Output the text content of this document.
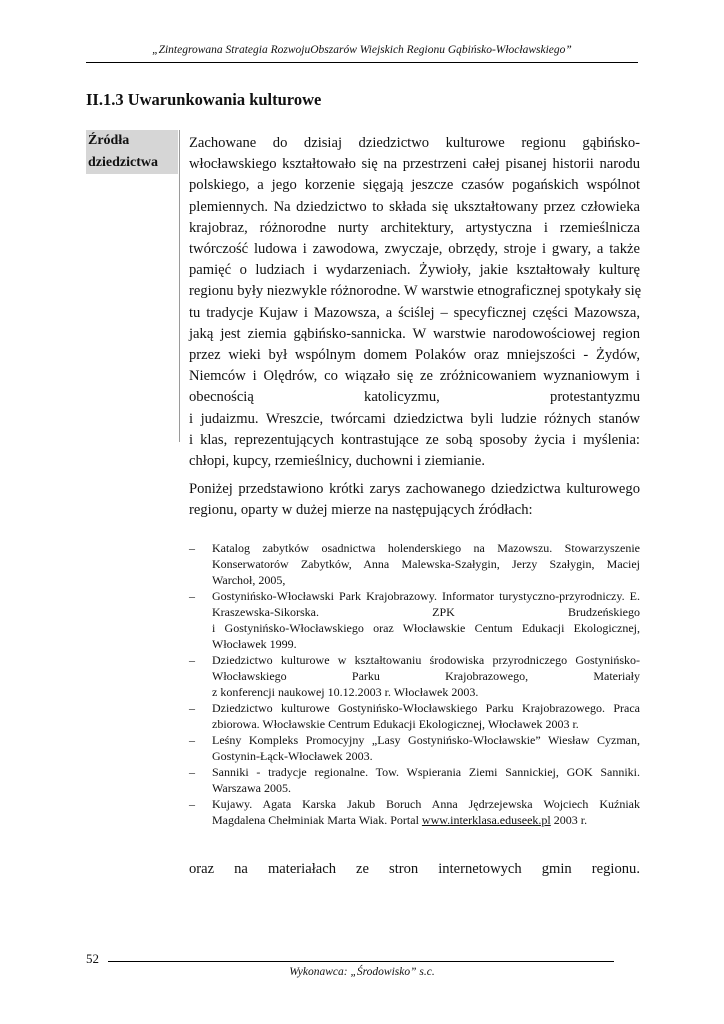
„Zintegrowana Strategia RozwojuObszarów Wiejskich Regionu Gąbińsko-Włocławskiego”
II.1.3 Uwarunkowania kulturowe
Źródła
dziedzictwa
Zachowane do dzisiaj dziedzictwo kulturowe regionu gąbińsko-
włocławskiego kształtowało się na przestrzeni całej pisanej historii narodu
polskiego, a jego korzenie sięgają jeszcze czasów pogańskich wspólnot
plemiennych. Na dziedzictwo to składa się ukształtowany przez człowieka
krajobraz, różnorodne nurty architektury, artystyczna i rzemieślnicza
twórczość ludowa i zawodowa, zwyczaje, obrzędy, stroje i gwary, a także
pamięć o ludziach i wydarzeniach. Żywioły, jakie kształtowały kulturę
regionu były niezwykle różnorodne. W warstwie etnograficznej spotykały się
tu tradycje Kujaw i Mazowsza, a ściślej – specyficznej części Mazowsza,
jaką jest ziemia gąbińsko-sannicka. W warstwie narodowościowej region
przez wieki był wspólnym domem Polaków oraz mniejszości - Żydów,
Niemców i Olędrów, co wiązało się ze zróżnicowaniem wyznaniowym i
obecnością katolicyzmu, protestantyzmu
i judaizmu. Wreszcie, twórcami dziedzictwa byli ludzie różnych stanów
i klas, reprezentujących kontrastujące ze sobą sposoby życia i myślenia:
chłopi, kupcy, rzemieślnicy, duchowni i ziemianie.
Poniżej przedstawiono krótki zarys zachowanego dziedzictwa kulturowego
regionu, oparty w dużej mierze na następujących źródłach:
– Katalog zabytków osadnictwa holenderskiego na Mazowszu. Stowarzyszenie
Konserwatorów Zabytków, Anna Malewska-Szałygin, Jerzy Szałygin, Maciej
Warchoł, 2005,
– Gostynińsko-Włocławski Park Krajobrazowy. Informator turystyczno-przyrodniczy. E.
Kraszewska-Sikorska. ZPK Brudzeńskiego
i Gostynińsko-Włocławskiego oraz Włocławskie Centum Edukacji Ekologicznej,
Włocławek 1999.
– Dziedzictwo kulturowe w kształtowaniu środowiska przyrodniczego Gostynińsko-
Włocławskiego Parku Krajobrazowego, Materiały
z konferencji naukowej 10.12.2003 r. Włocławek 2003.
– Dziedzictwo kulturowe Gostynińsko-Włocławskiego Parku Krajobrazowego. Praca
zbiorowa. Włocławskie Centrum Edukacji Ekologicznej, Włocławek 2003 r.
– Leśny Kompleks Promocyjny „Lasy Gostynińsko-Włocławskie” Wiesław Cyzman,
Gostynin-Łąck-Włocławek 2003.
– Sanniki - tradycje regionalne. Tow. Wspierania Ziemi Sannickiej, GOK Sanniki.
Warszawa 2005.
– Kujawy. Agata Karska Jakub Boruch Anna Jędrzejewska Wojciech Kuźniak
Magdalena Chełminiak Marta Wiak. Portal www.interklasa.eduseek.pl 2003 r.
oraz na materiałach ze stron internetowych gmin regionu.
52
Wykonawca: „Środowisko” s.c.
